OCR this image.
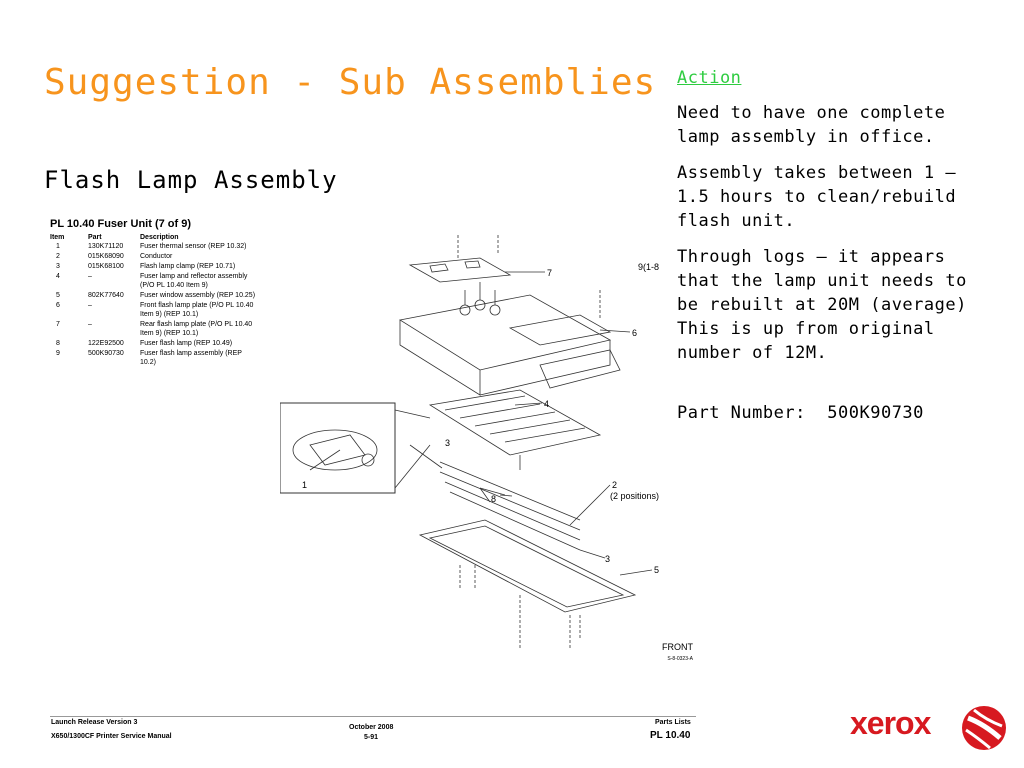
Suggestion - Sub Assemblies
Flash Lamp Assembly
Action

Need to have one complete lamp assembly in office.

Assembly takes between 1 – 1.5 hours to clean/rebuild flash unit.

Through logs – it appears that the lamp unit needs to be rebuilt at 20M (average)   This is up from original number of 12M.

Part Number:  500K90730

PL 10.40 Fuser Unit (7 of 9)
Item	Part	Description
1	130K71120	Fuser thermal sensor (REP 10.32)
2	015K68090	Conductor
3	015K68100	Flash lamp clamp (REP 10.71)
4	–	Fuser lamp and reflector assembly (P/O PL 10.40 Item 9)
5	802K77640	Fuser window assembly (REP 10.25)
6	–	Front flash lamp plate (P/O PL 10.40 Item 9) (REP 10.1)
7	–	Rear flash lamp plate (P/O PL 10.40 Item 9) (REP 10.1)
8	122E92500	Fuser flash lamp (REP 10.49)
9	500K90730	Fuser flash lamp assembly (REP 10.2)
7
6
4
3
2
(2 positions)
8
3
5
1
9(1-8
FRONT
S-8-0323-A
Launch Release Version 3
X650/1300CF Printer Service Manual
October 2008
5-91
Parts Lists
PL 10.40	xerox
